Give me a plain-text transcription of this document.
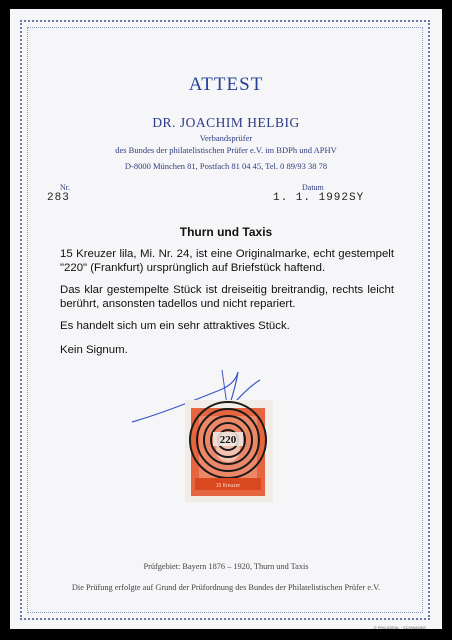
ATTEST
DR. JOACHIM HELBIG
Verbandsprüfer
des Bundes der philatelistischen Prüfer e.V. im BDPh und APHV
D-8000 München 81, Postfach 81 04 45, Tel. 0 89/93 38 78
Nr.	Datum
283	1. 1. 1992SY
Thurn und Taxis
15 Kreuzer lila, Mi. Nr. 24, ist eine Originalmarke, echt gestempelt "220" (Frankfurt) ursprünglich auf Briefstück haftend.
Das klar gestempelte Stück ist dreiseitig breitrandig, rechts leicht berührt, ansonsten tadellos und nicht repariert.
Es handelt sich um ein sehr attraktives Stück.
Kein Signum.
220
15 Kreuzer
Prüfgebiet: Bayern 1876 – 1920, Thurn und Taxis
Die Prüfung erfolgte auf Grund der Prüfordnung des Bundes der Philatelistischen Prüfer e.V.
© PHILASEAL · SCHWANKE
